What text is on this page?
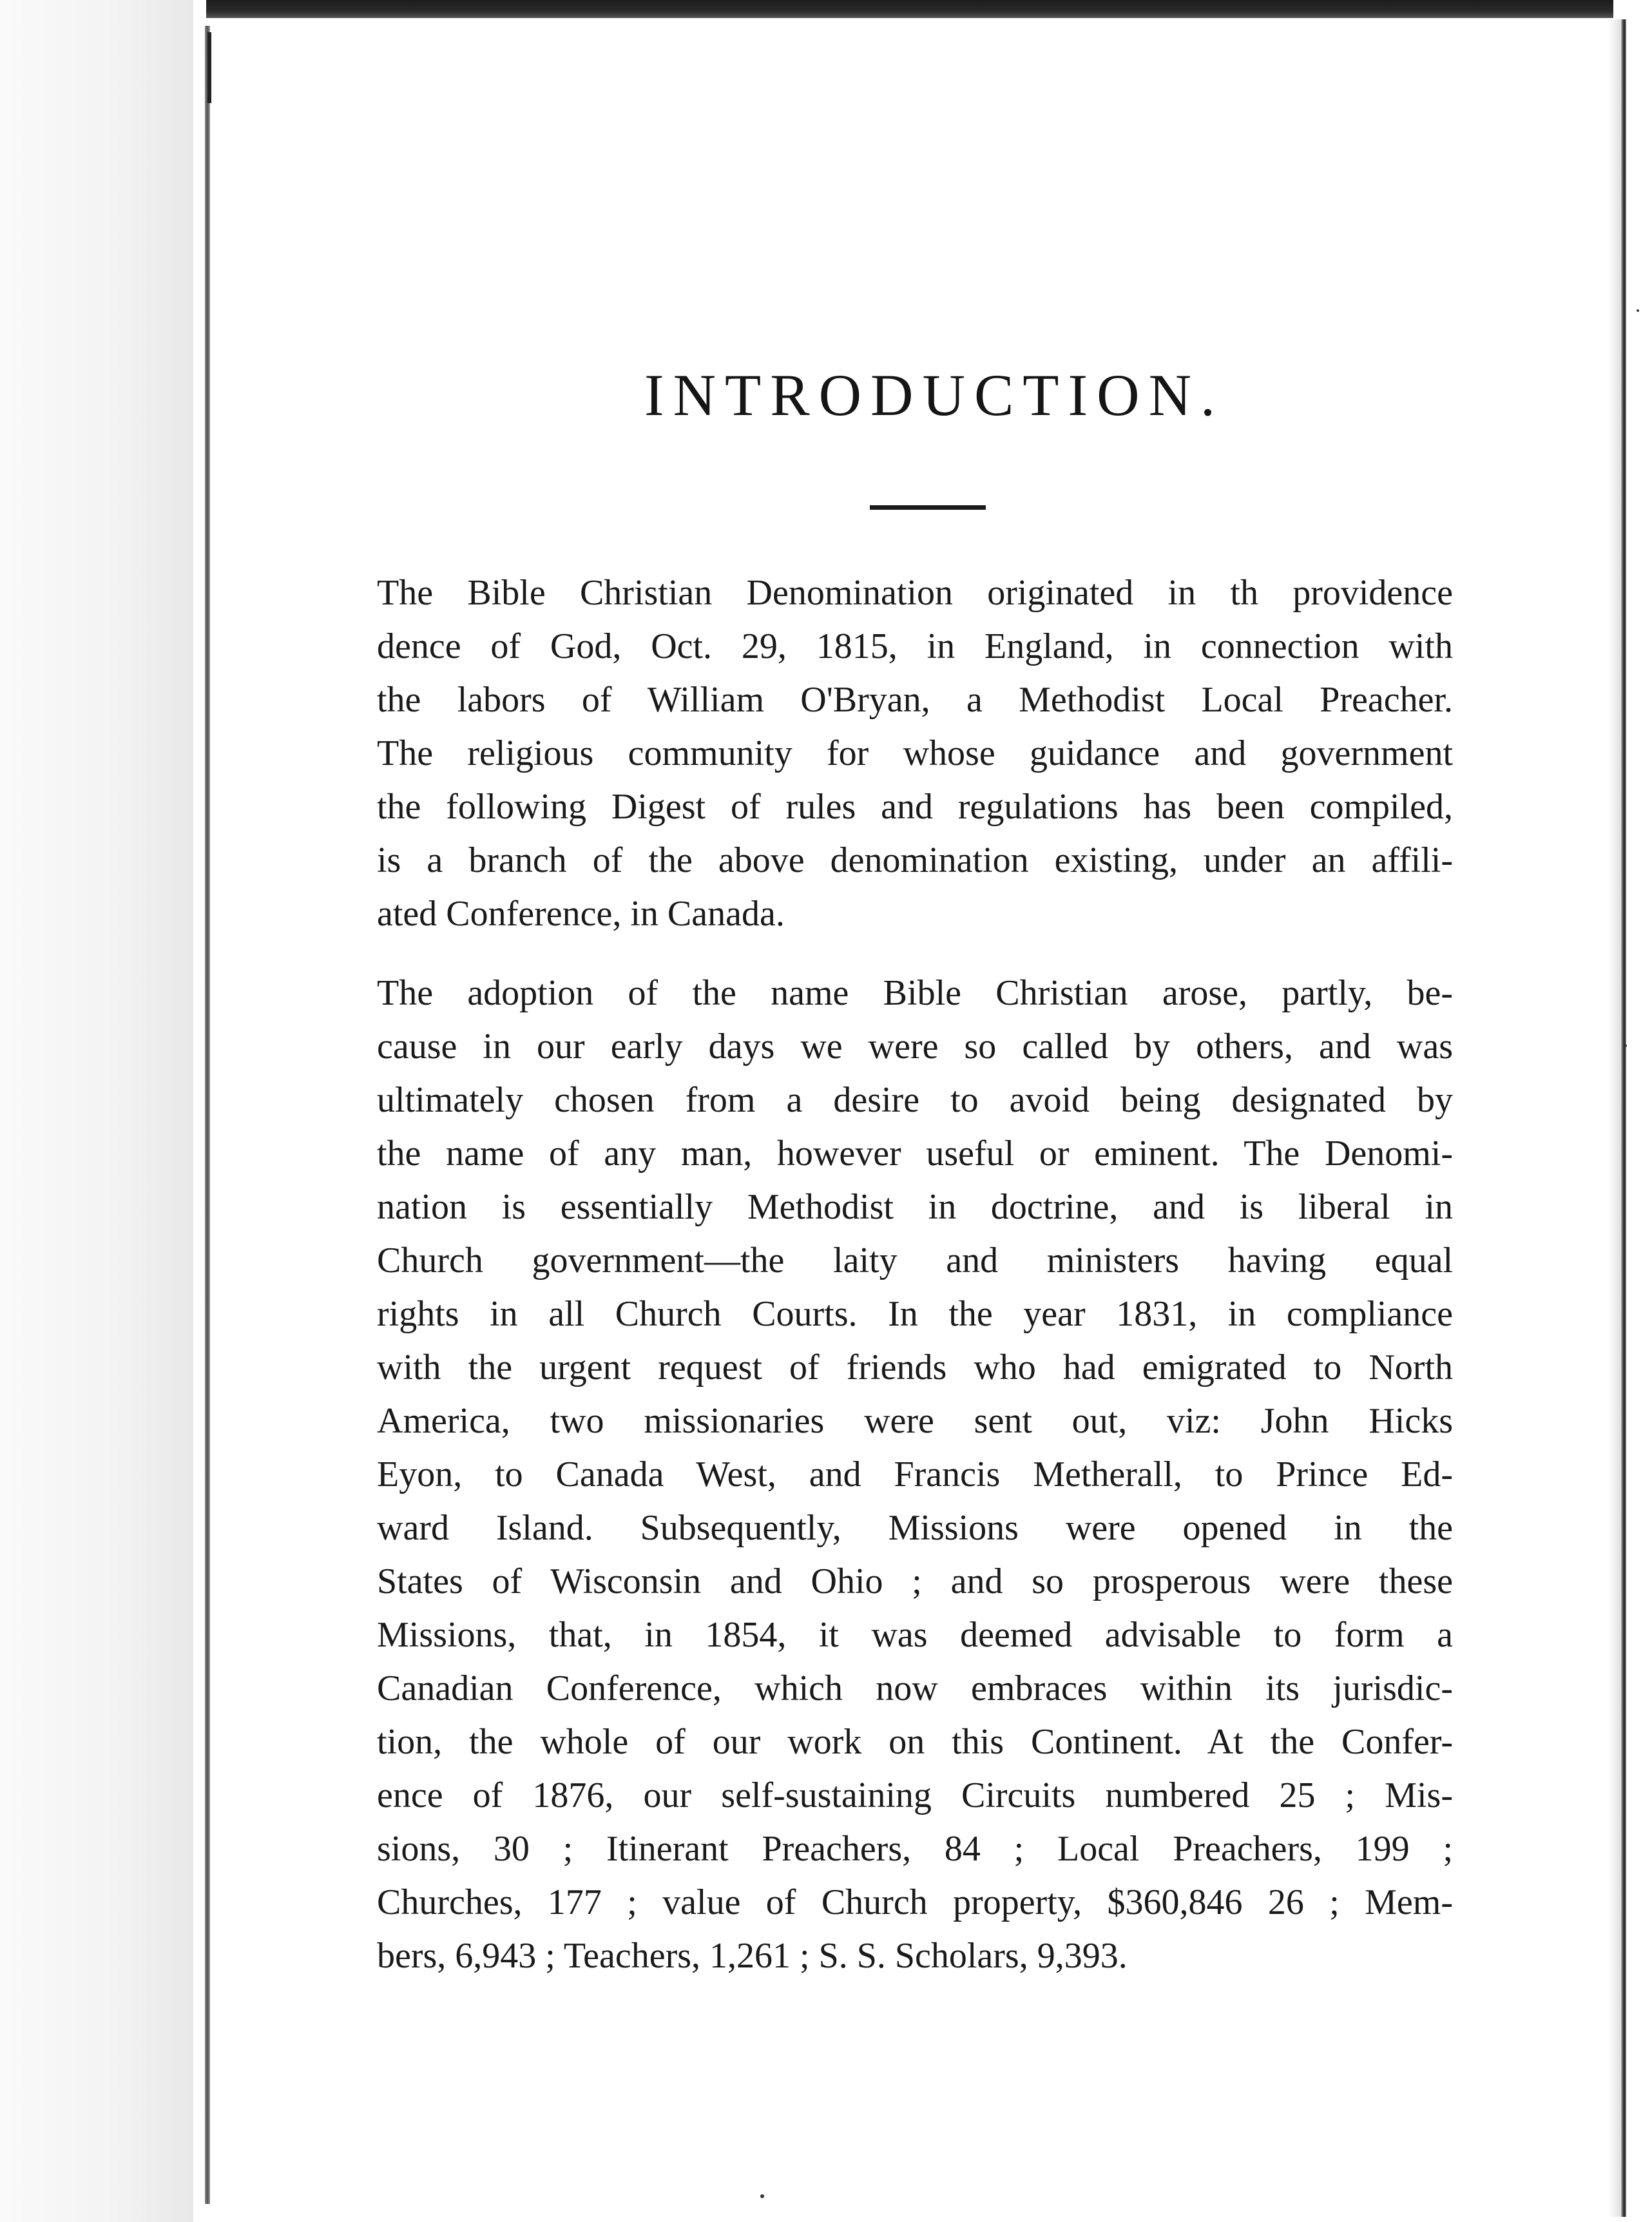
INTRODUCTION.
The Bible Christian Denomination originated in th providence
dence of God, Oct. 29, 1815, in England, in connection with
the labors of William O'Bryan, a Methodist Local Preacher.
The religious community for whose guidance and government
the following Digest of rules and regulations has been compiled,
is a branch of the above denomination existing, under an affili-
ated Conference, in Canada.
The adoption of the name Bible Christian arose, partly, be-
cause in our early days we were so called by others, and was
ultimately chosen from a desire to avoid being designated by
the name of any man, however useful or eminent. The Denomi-
nation is essentially Methodist in doctrine, and is liberal in
Church government—the laity and ministers having equal
rights in all Church Courts. In the year 1831, in compliance
with the urgent request of friends who had emigrated to North
America, two missionaries were sent out, viz: John Hicks
Eyon, to Canada West, and Francis Metherall, to Prince Ed-
ward Island. Subsequently, Missions were opened in the
States of Wisconsin and Ohio ; and so prosperous were these
Missions, that, in 1854, it was deemed advisable to form a
Canadian Conference, which now embraces within its jurisdic-
tion, the whole of our work on this Continent. At the Confer-
ence of 1876, our self-sustaining Circuits numbered 25 ; Mis-
sions, 30 ; Itinerant Preachers, 84 ; Local Preachers, 199 ;
Churches, 177 ; value of Church property, $360,846 26 ; Mem-
bers, 6,943 ; Teachers, 1,261 ; S. S. Scholars, 9,393.
